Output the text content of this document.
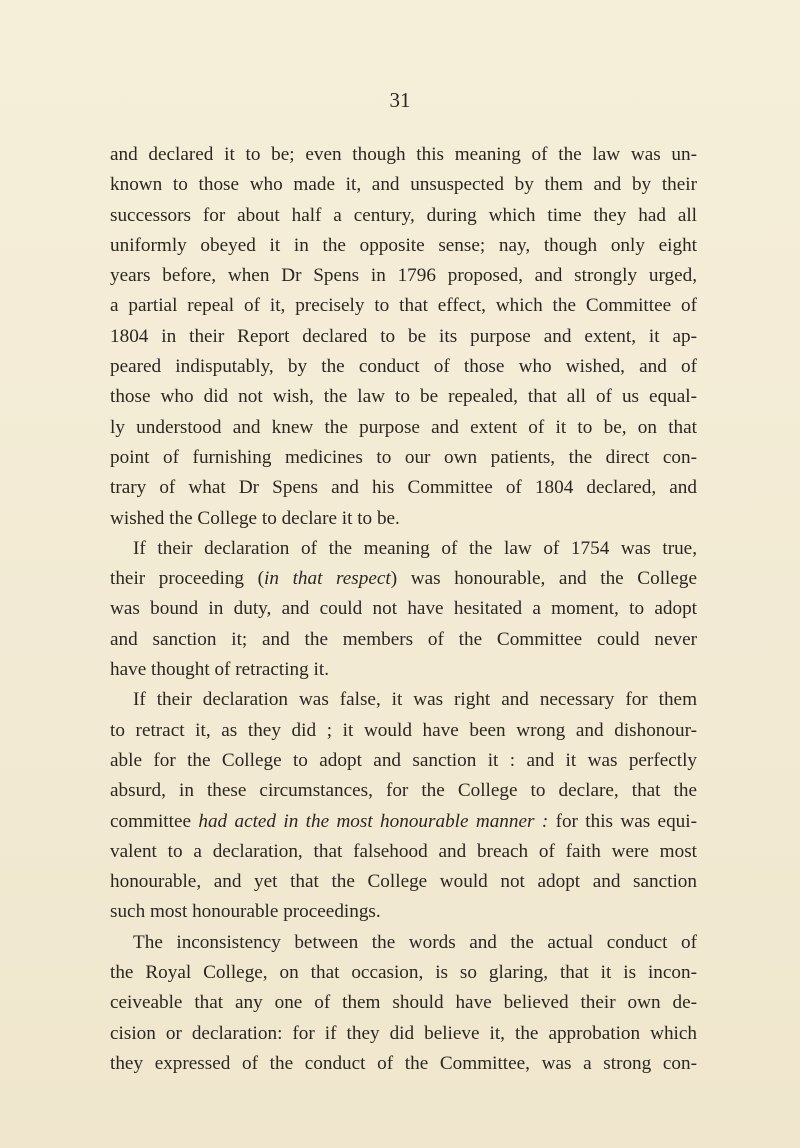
31
and declared it to be; even though this meaning of the law was un-
known to those who made it, and unsuspected by them and by their
successors for about half a century, during which time they had all
uniformly obeyed it in the opposite sense; nay, though only eight
years before, when Dr Spens in 1796 proposed, and strongly urged,
a partial repeal of it, precisely to that effect, which the Committee of
1804 in their Report declared to be its purpose and extent, it ap-
peared indisputably, by the conduct of those who wished, and of
those who did not wish, the law to be repealed, that all of us equal-
ly understood and knew the purpose and extent of it to be, on that
point of furnishing medicines to our own patients, the direct con-
trary of what Dr Spens and his Committee of 1804 declared, and
wished the College to declare it to be.
If their declaration of the meaning of the law of 1754 was true,
their proceeding (in that respect) was honourable, and the College
was bound in duty, and could not have hesitated a moment, to adopt
and sanction it; and the members of the Committee could never
have thought of retracting it.
If their declaration was false, it was right and necessary for them
to retract it, as they did ; it would have been wrong and dishonour-
able for the College to adopt and sanction it : and it was perfectly
absurd, in these circumstances, for the College to declare, that the
committee had acted in the most honourable manner : for this was equi-
valent to a declaration, that falsehood and breach of faith were most
honourable, and yet that the College would not adopt and sanction
such most honourable proceedings.
The inconsistency between the words and the actual conduct of
the Royal College, on that occasion, is so glaring, that it is incon-
ceiveable that any one of them should have believed their own de-
cision or declaration: for if they did believe it, the approbation which
they expressed of the conduct of the Committee, was a strong con-
